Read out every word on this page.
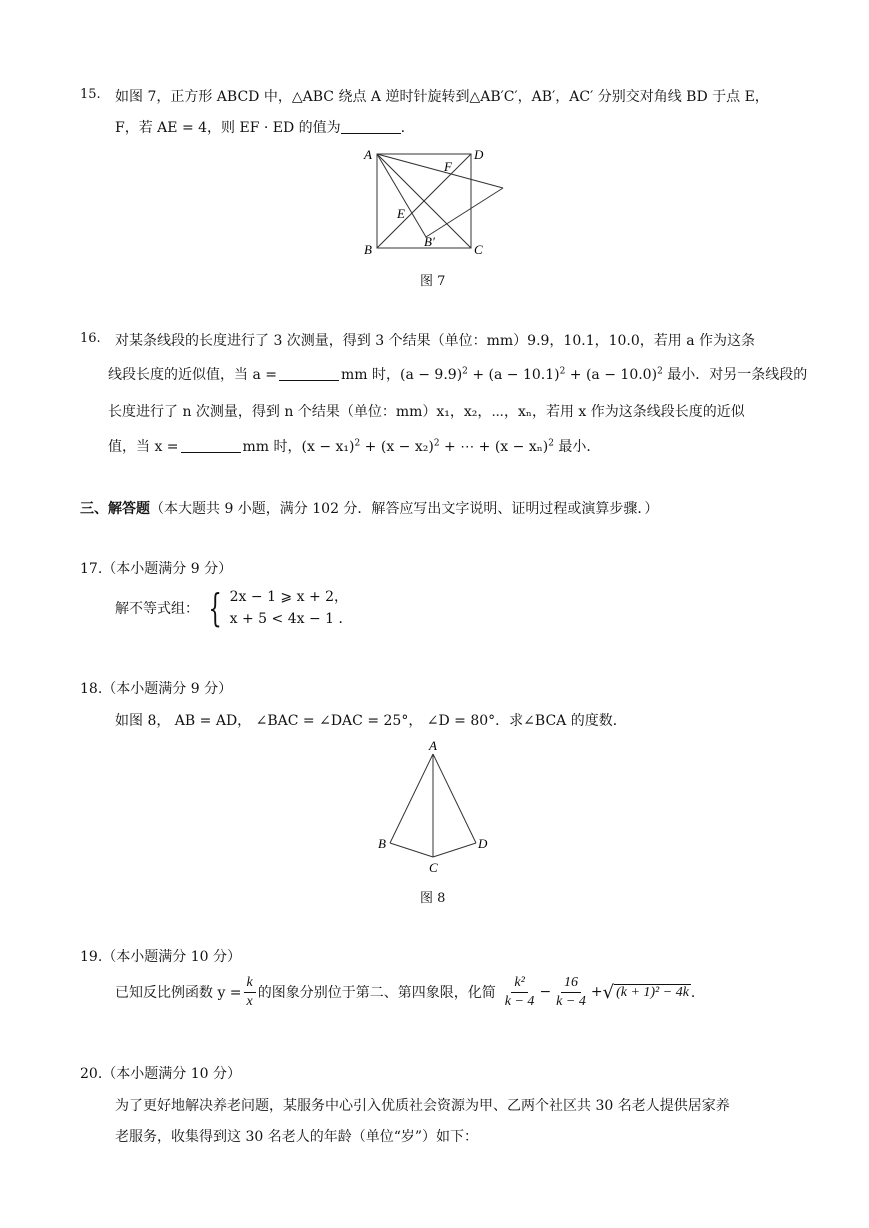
15. 如图 7，正方形 ABCD 中，△ABC 绕点 A 逆时针旋转到△AB′C′，AB′，AC′ 分别交对角线 BD 于点 E，
F，若 AE = 4，则 EF · ED 的值为	.
A	D
B	C
E
F
B′
图 7
16. 对某条线段的长度进行了 3 次测量，得到 3 个结果（单位：mm）9.9，10.1，10.0，若用 a 作为这条
线段长度的近似值，当 a =	mm 时，$(a - 9.9)^2 + (a - 10.1)^2 + (a - 10.0)^2$ 最小．对另一条线段的
长度进行了 n 次测量，得到 n 个结果（单位：mm）x₁，x₂，⋯，xₙ，若用 x 作为这条线段长度的近似
值，当 x =	mm 时，$(x - x_1)^2 + (x - x_2)^2$ + ⋯ + $(x - x_n)^2$ 最小．
三、解答题（本大题共 9 小题，满分 102 分．解答应写出文字说明、证明过程或演算步骤．）
17.（本小题满分 9 分）
解不等式组： { 2x − 1 ⩾ x + 2，
x + 5 < 4x − 1 ．
18.（本小题满分 9 分）
如图 8， AB = AD， ∠BAC = ∠DAC = 25°， ∠D = 80°．求∠BCA 的度数．
A
B	D
C
图 8
19.（本小题满分 10 分）
已知反比例函数 $y = \frac{k}{x}$ 的图象分别位于第二、第四象限，化简 $\frac{\text{k²}}{k - 4} - \frac{16}{k - 4}$ + √ (k + 1)² − 4k ．
20.（本小题满分 10 分）
为了更好地解决养老问题，某服务中心引入优质社会资源为甲、乙两个社区共 30 名老人提供居家养
老服务，收集得到这 30 名老人的年龄（单位“岁”）如下：
